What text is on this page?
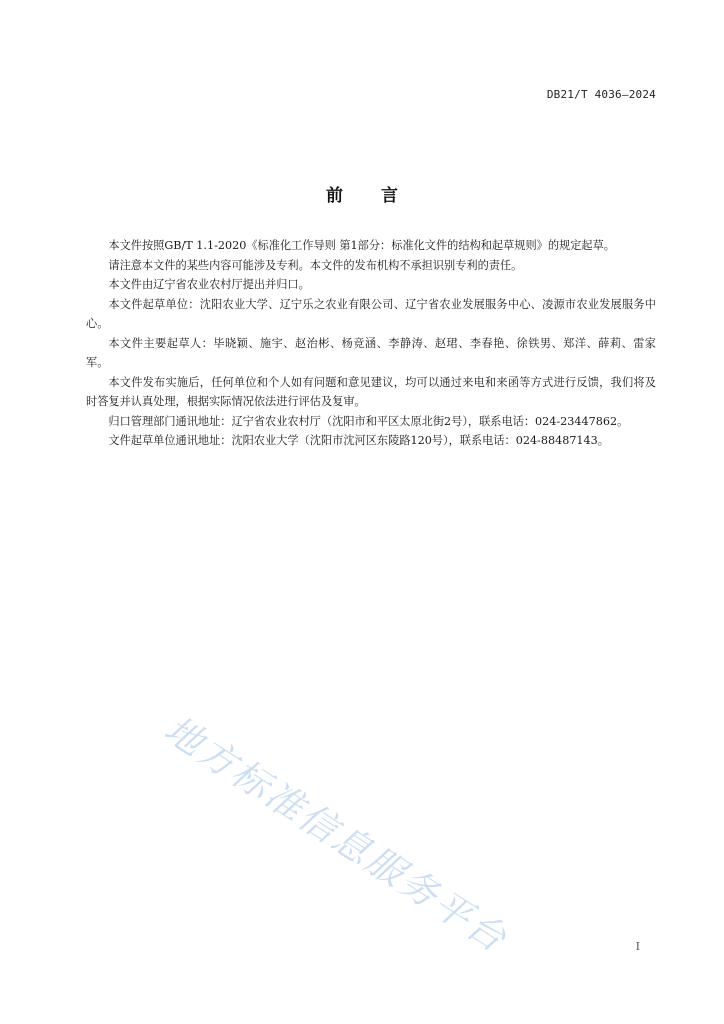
DB21/T 4036—2024
前 言

本文件按照GB/T 1.1-2020《标准化工作导则 第1部分：标准化文件的结构和起草规则》的规定起草。

请注意本文件的某些内容可能涉及专利。本文件的发布机构不承担识别专利的责任。

本文件由辽宁省农业农村厅提出并归口。

本文件起草单位：沈阳农业大学、辽宁乐之农业有限公司、辽宁省农业发展服务中心、凌源市农业发展服务中心。

本文件主要起草人：毕晓颖、施宇、赵治彬、杨竞涵、李静涛、赵珺、李春艳、徐铁男、郑洋、薛莉、雷家军。

本文件发布实施后，任何单位和个人如有问题和意见建议，均可以通过来电和来函等方式进行反馈，我们将及时答复并认真处理，根据实际情况依法进行评估及复审。

归口管理部门通讯地址：辽宁省农业农村厅（沈阳市和平区太原北街2号），联系电话：024-23447862。

文件起草单位通讯地址：沈阳农业大学（沈阳市沈河区东陵路120号），联系电话：024-88487143。

地方标准信息服务平台	I
